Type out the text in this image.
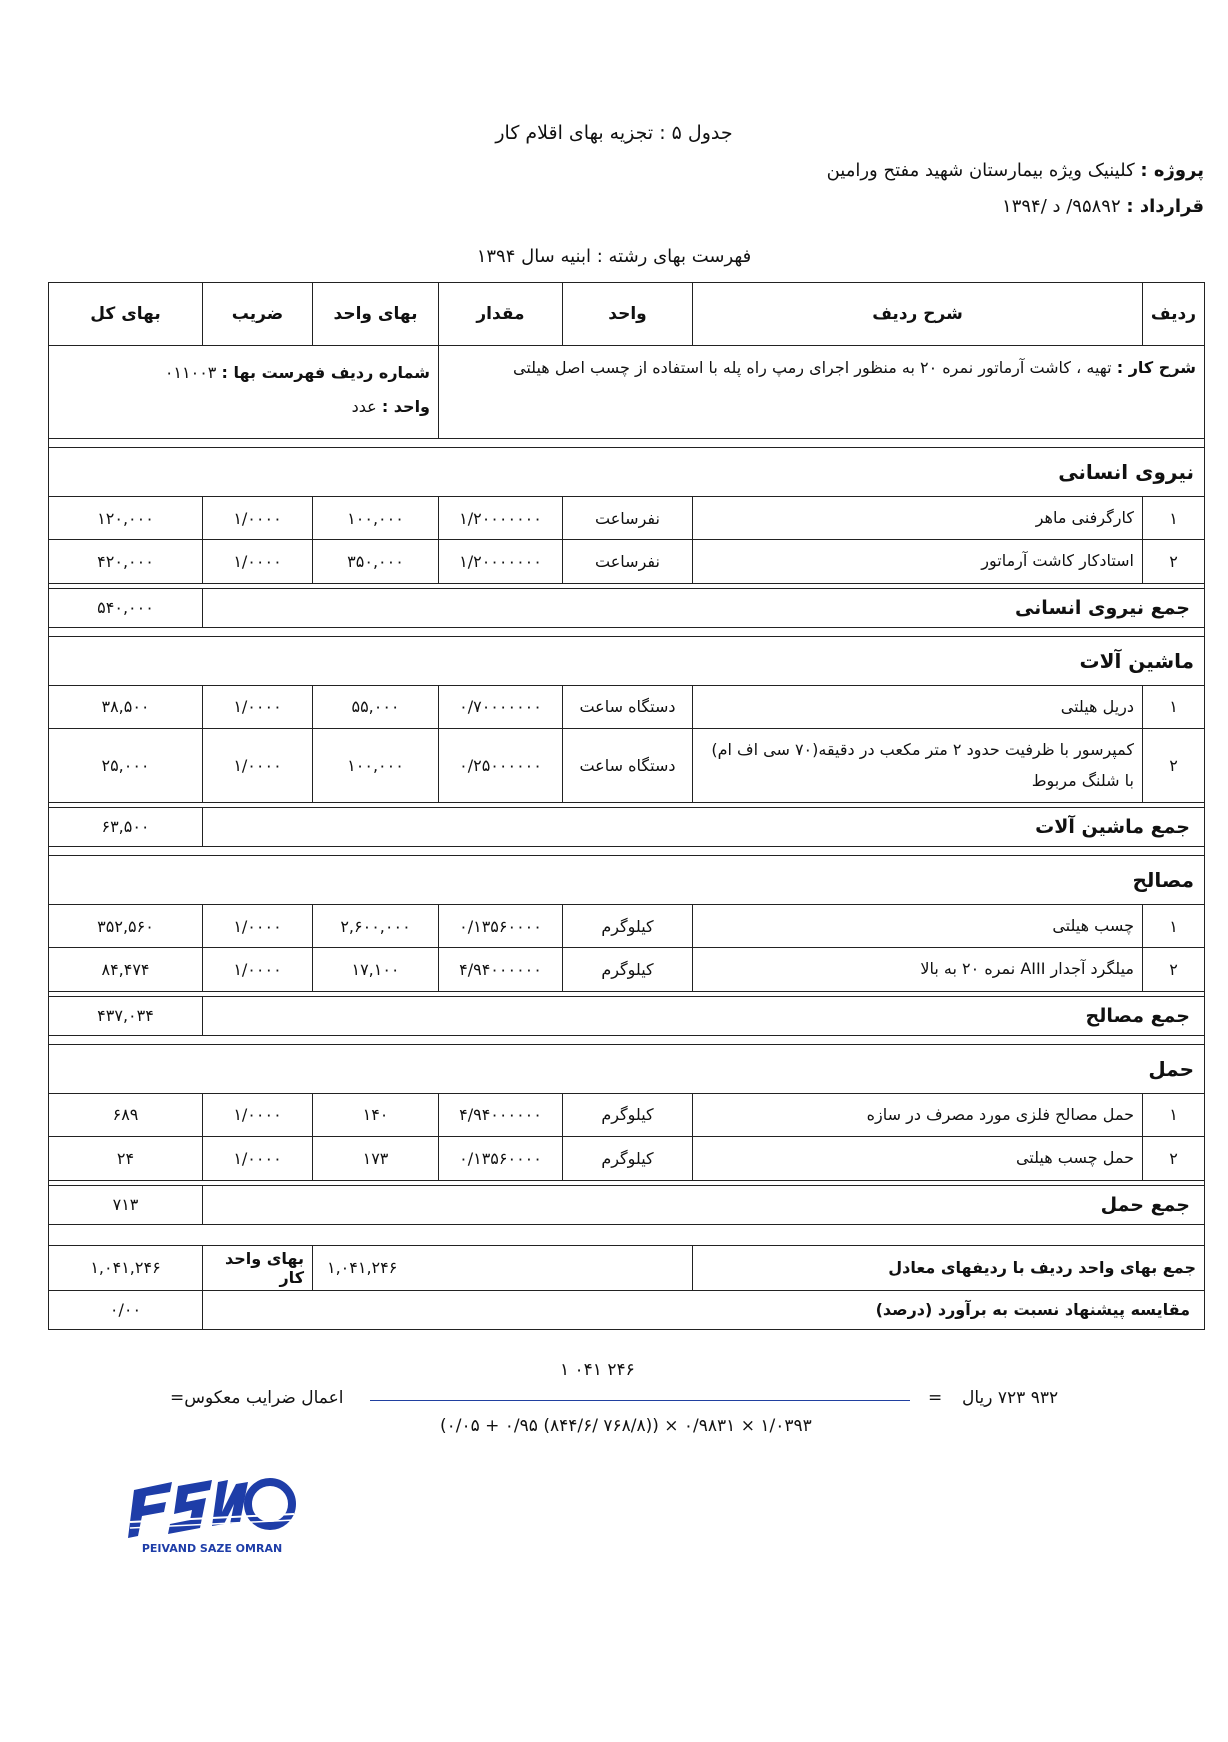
جدول ۵ : تجزیه بهای اقلام کار
پروژه : کلینیک ویژه بیمارستان شهید مفتح ورامین
قرارداد : ۹۵۸۹۲/ د /۱۳۹۴
فهرست بهای رشته : ابنیه سال ۱۳۹۴
ردیف	شرح ردیف	واحد	مقدار	بهای واحد	ضریب	بهای کل
شرح کار : تهیه ، کاشت آرماتور نمره ۲۰ به منظور اجرای رمپ راه پله با استفاده از چسب اصل هیلتی				شماره ردیف فهرست بها : ۰۱۱۰۰۳
واحد : عدد		

نیروی انسانی						
۱	کارگرفنی ماهر	نفرساعت	۱/۲۰۰۰۰۰۰۰	۱۰۰,۰۰۰	۱/۰۰۰۰	۱۲۰,۰۰۰
۲	استادکار کاشت آرماتور	نفرساعت	۱/۲۰۰۰۰۰۰۰	۳۵۰,۰۰۰	۱/۰۰۰۰	۴۲۰,۰۰۰

جمع نیروی انسانی						۵۴۰,۰۰۰

ماشین آلات						
۱	دریل هیلتی	دستگاه ساعت	۰/۷۰۰۰۰۰۰۰	۵۵,۰۰۰	۱/۰۰۰۰	۳۸,۵۰۰
۲	کمپرسور با ظرفیت حدود ۲ متر مکعب در دقیقه(۷۰ سی اف ام) با شلنگ مربوط	دستگاه ساعت	۰/۲۵۰۰۰۰۰۰	۱۰۰,۰۰۰	۱/۰۰۰۰	۲۵,۰۰۰

جمع ماشین آلات						۶۳,۵۰۰

مصالح						
۱	چسب هیلتی	کیلوگرم	۰/۱۳۵۶۰۰۰۰	۲,۶۰۰,۰۰۰	۱/۰۰۰۰	۳۵۲,۵۶۰
۲	میلگرد آجدار AIII نمره ۲۰ به بالا	کیلوگرم	۴/۹۴۰۰۰۰۰۰	۱۷,۱۰۰	۱/۰۰۰۰	۸۴,۴۷۴

جمع مصالح						۴۳۷,۰۳۴

حمل						
۱	حمل مصالح فلزی مورد مصرف در سازه	کیلوگرم	۴/۹۴۰۰۰۰۰۰	۱۴۰	۱/۰۰۰۰	۶۸۹
۲	حمل چسب هیلتی	کیلوگرم	۰/۱۳۵۶۰۰۰۰	۱۷۳	۱/۰۰۰۰	۲۴

جمع حمل						۷۱۳

جمع بهای واحد ردیف با ردیفهای معادل		۱,۰۴۱,۲۴۶			بهای واحد کار	۱,۰۴۱,۲۴۶
مقایسه پیشنهاد نسبت به برآورد (درصد)						۰/۰۰
۱ ۰۴۱ ۲۴۶
(۰/۰۵ + ۰/۹۵ (۸۴۴/۶/ ۷۶۸/۸)) × ۰/۹۸۳۱ × ۱/۰۳۹۳
اعمال ضرایب معکوس=	= ۹۳۲ ۷۲۳ ریال
PEIVAND SAZE OMRAN
